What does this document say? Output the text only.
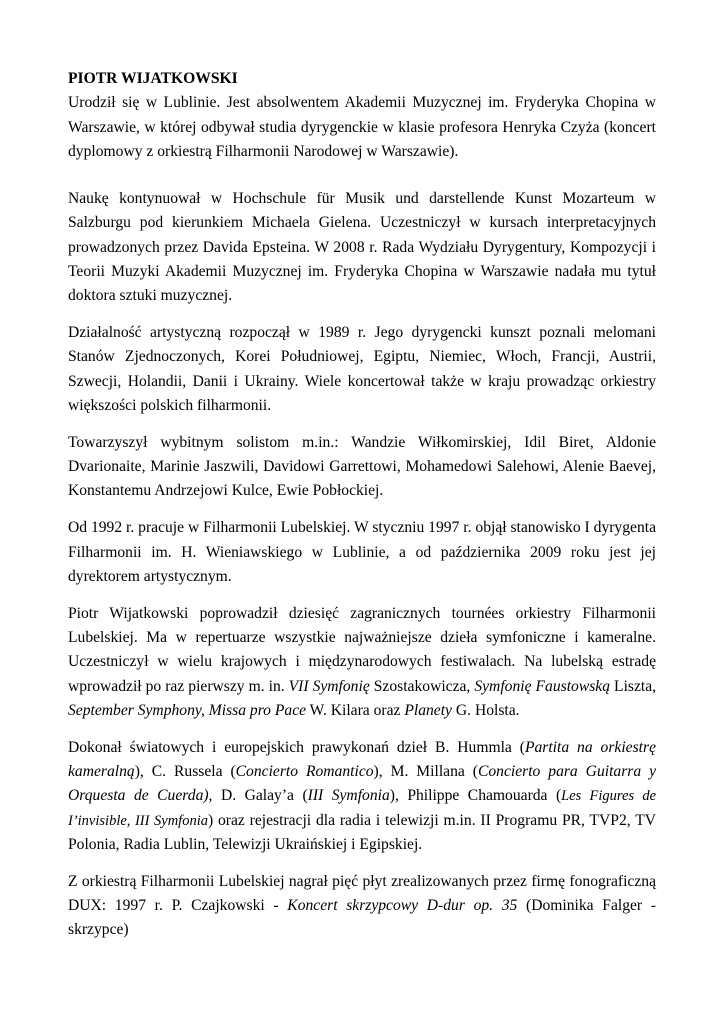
PIOTR WIJATKOWSKI

Urodził się w Lublinie. Jest absolwentem Akademii Muzycznej im. Fryderyka Chopina w Warszawie, w której odbywał studia dyrygenckie w klasie profesora Henryka Czyża (koncert dyplomowy z orkiestrą Filharmonii Narodowej w Warszawie).

Naukę kontynuował w Hochschule für Musik und darstellende Kunst Mozarteum w Salzburgu pod kierunkiem Michaela Gielena. Uczestniczył w kursach interpretacyjnych prowadzonych przez Davida Epsteina. W 2008 r. Rada Wydziału Dyrygentury, Kompozycji i Teorii Muzyki Akademii Muzycznej im. Fryderyka Chopina w Warszawie nadała mu tytuł doktora sztuki muzycznej.

Działalność artystyczną rozpoczął w 1989 r. Jego dyrygencki kunszt poznali melomani Stanów Zjednoczonych, Korei Południowej, Egiptu, Niemiec, Włoch, Francji, Austrii, Szwecji, Holandii, Danii i Ukrainy. Wiele koncertował także w kraju prowadząc orkiestry większości polskich filharmonii.

Towarzyszył wybitnym solistom m.in.: Wandzie Wiłkomirskiej, Idil Biret, Aldonie Dvarionaite, Marinie Jaszwili, Davidowi Garrettowi, Mohamedowi Salehowi, Alenie Baevej, Konstantemu Andrzejowi Kulce, Ewie Pobłockiej.

Od 1992 r. pracuje w Filharmonii Lubelskiej. W styczniu 1997 r. objął stanowisko I dyrygenta Filharmonii im. H. Wieniawskiego w Lublinie, a od października 2009 roku jest jej dyrektorem artystycznym.

Piotr Wijatkowski poprowadził dziesięć zagranicznych tournées orkiestry Filharmonii Lubelskiej. Ma w repertuarze wszystkie najważniejsze dzieła symfoniczne i kameralne. Uczestniczył w wielu krajowych i międzynarodowych festiwalach. Na lubelską estradę wprowadził po raz pierwszy m. in. VII Symfonię Szostakowicza, Symfonię Faustowską Liszta, September Symphony, Missa pro Pace W. Kilara oraz Planety G. Holsta.

Dokonał światowych i europejskich prawykonań dzieł B. Hummla (Partita na orkiestrę kameralną), C. Russela (Concierto Romantico), M. Millana (Concierto para Guitarra y Orquesta de Cuerda), D. Galay’a (III Symfonia), Philippe Chamouarda (Les Figures de I’invisible, III Symfonia) oraz rejestracji dla radia i telewizji m.in. II Programu PR, TVP2, TV Polonia, Radia Lublin, Telewizji Ukraińskiej i Egipskiej.

Z orkiestrą Filharmonii Lubelskiej nagrał pięć płyt zrealizowanych przez firmę fonograficzną DUX: 1997 r. P. Czajkowski - Koncert skrzypcowy D-dur op. 35 (Dominika Falger - skrzypce)
